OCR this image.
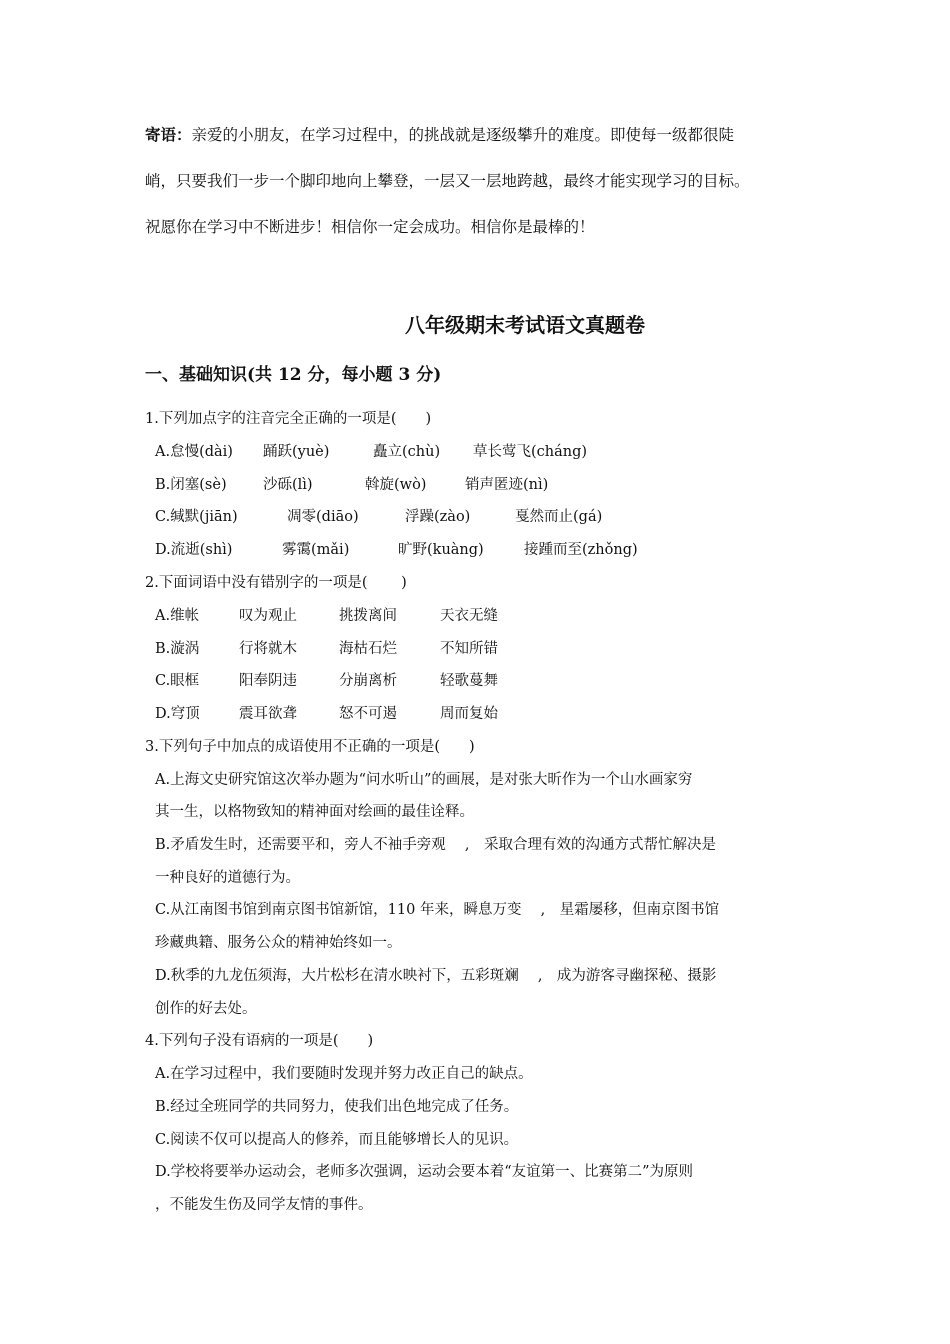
寄语：亲爱的小朋友，在学习过程中，的挑战就是逐级攀升的难度。即使每一级都很陡
峭，只要我们一步一个脚印地向上攀登，一层又一层地跨越，最终才能实现学习的目标。
祝愿你在学习中不断进步！相信你一定会成功。相信你是最棒的！
八年级期末考试语文真题卷
一、基础知识(共 12 分，每小题 3 分)
1.下列加点字的注音完全正确的一项是(　　)
A.怠慢(dài) 踊跃(yuè)	矗立(chù) 草长莺飞(cháng)
B.闭塞(sè)	沙砾(lì)	斡旋(wò)	销声匿迹(nì)
C.缄默(jiān)	凋零(diāo)	浮躁(zào)	戛然而止(gá)
D.流逝(shì)	雾霭(mǎi)	旷野(kuàng)	接踵而至(zhǒng)
2.下面词语中没有错别字的一项是(　　 )
A.维帐	叹为观止	挑拨离间	天衣无缝
B.漩涡	行将就木	海枯石烂	不知所错
C.眼框	阳奉阴违	分崩离析	轻歌蔓舞
D.穹顶	震耳欲聋	怒不可遏	周而复始
3.下列句子中加点的成语使用不正确的一项是(　　)
A.上海文史研究馆这次举办题为“问水听山”的画展，是对张大昕作为一个山水画家穷
其一生，以格物致知的精神面对绘画的最佳诠释。
B.矛盾发生时，还需要平和，旁人不袖手旁观　 ,　采取合理有效的沟通方式帮忙解决是
一种良好的道德行为。
C.从江南图书馆到南京图书馆新馆，110 年来，瞬息万变　 ,　星霜屡移，但南京图书馆
珍藏典籍、服务公众的精神始终如一。
D.秋季的九龙伍须海，大片松杉在清水映衬下，五彩斑斓　 ,　成为游客寻幽探秘、摄影
创作的好去处。
4.下列句子没有语病的一项是(　　)
A.在学习过程中，我们要随时发现并努力改正自己的缺点。
B.经过全班同学的共同努力，使我们出色地完成了任务。
C.阅读不仅可以提高人的修养，而且能够增长人的见识。
D.学校将要举办运动会，老师多次强调，运动会要本着“友谊第一、比赛第二”为原则
，不能发生伤及同学友情的事件。
